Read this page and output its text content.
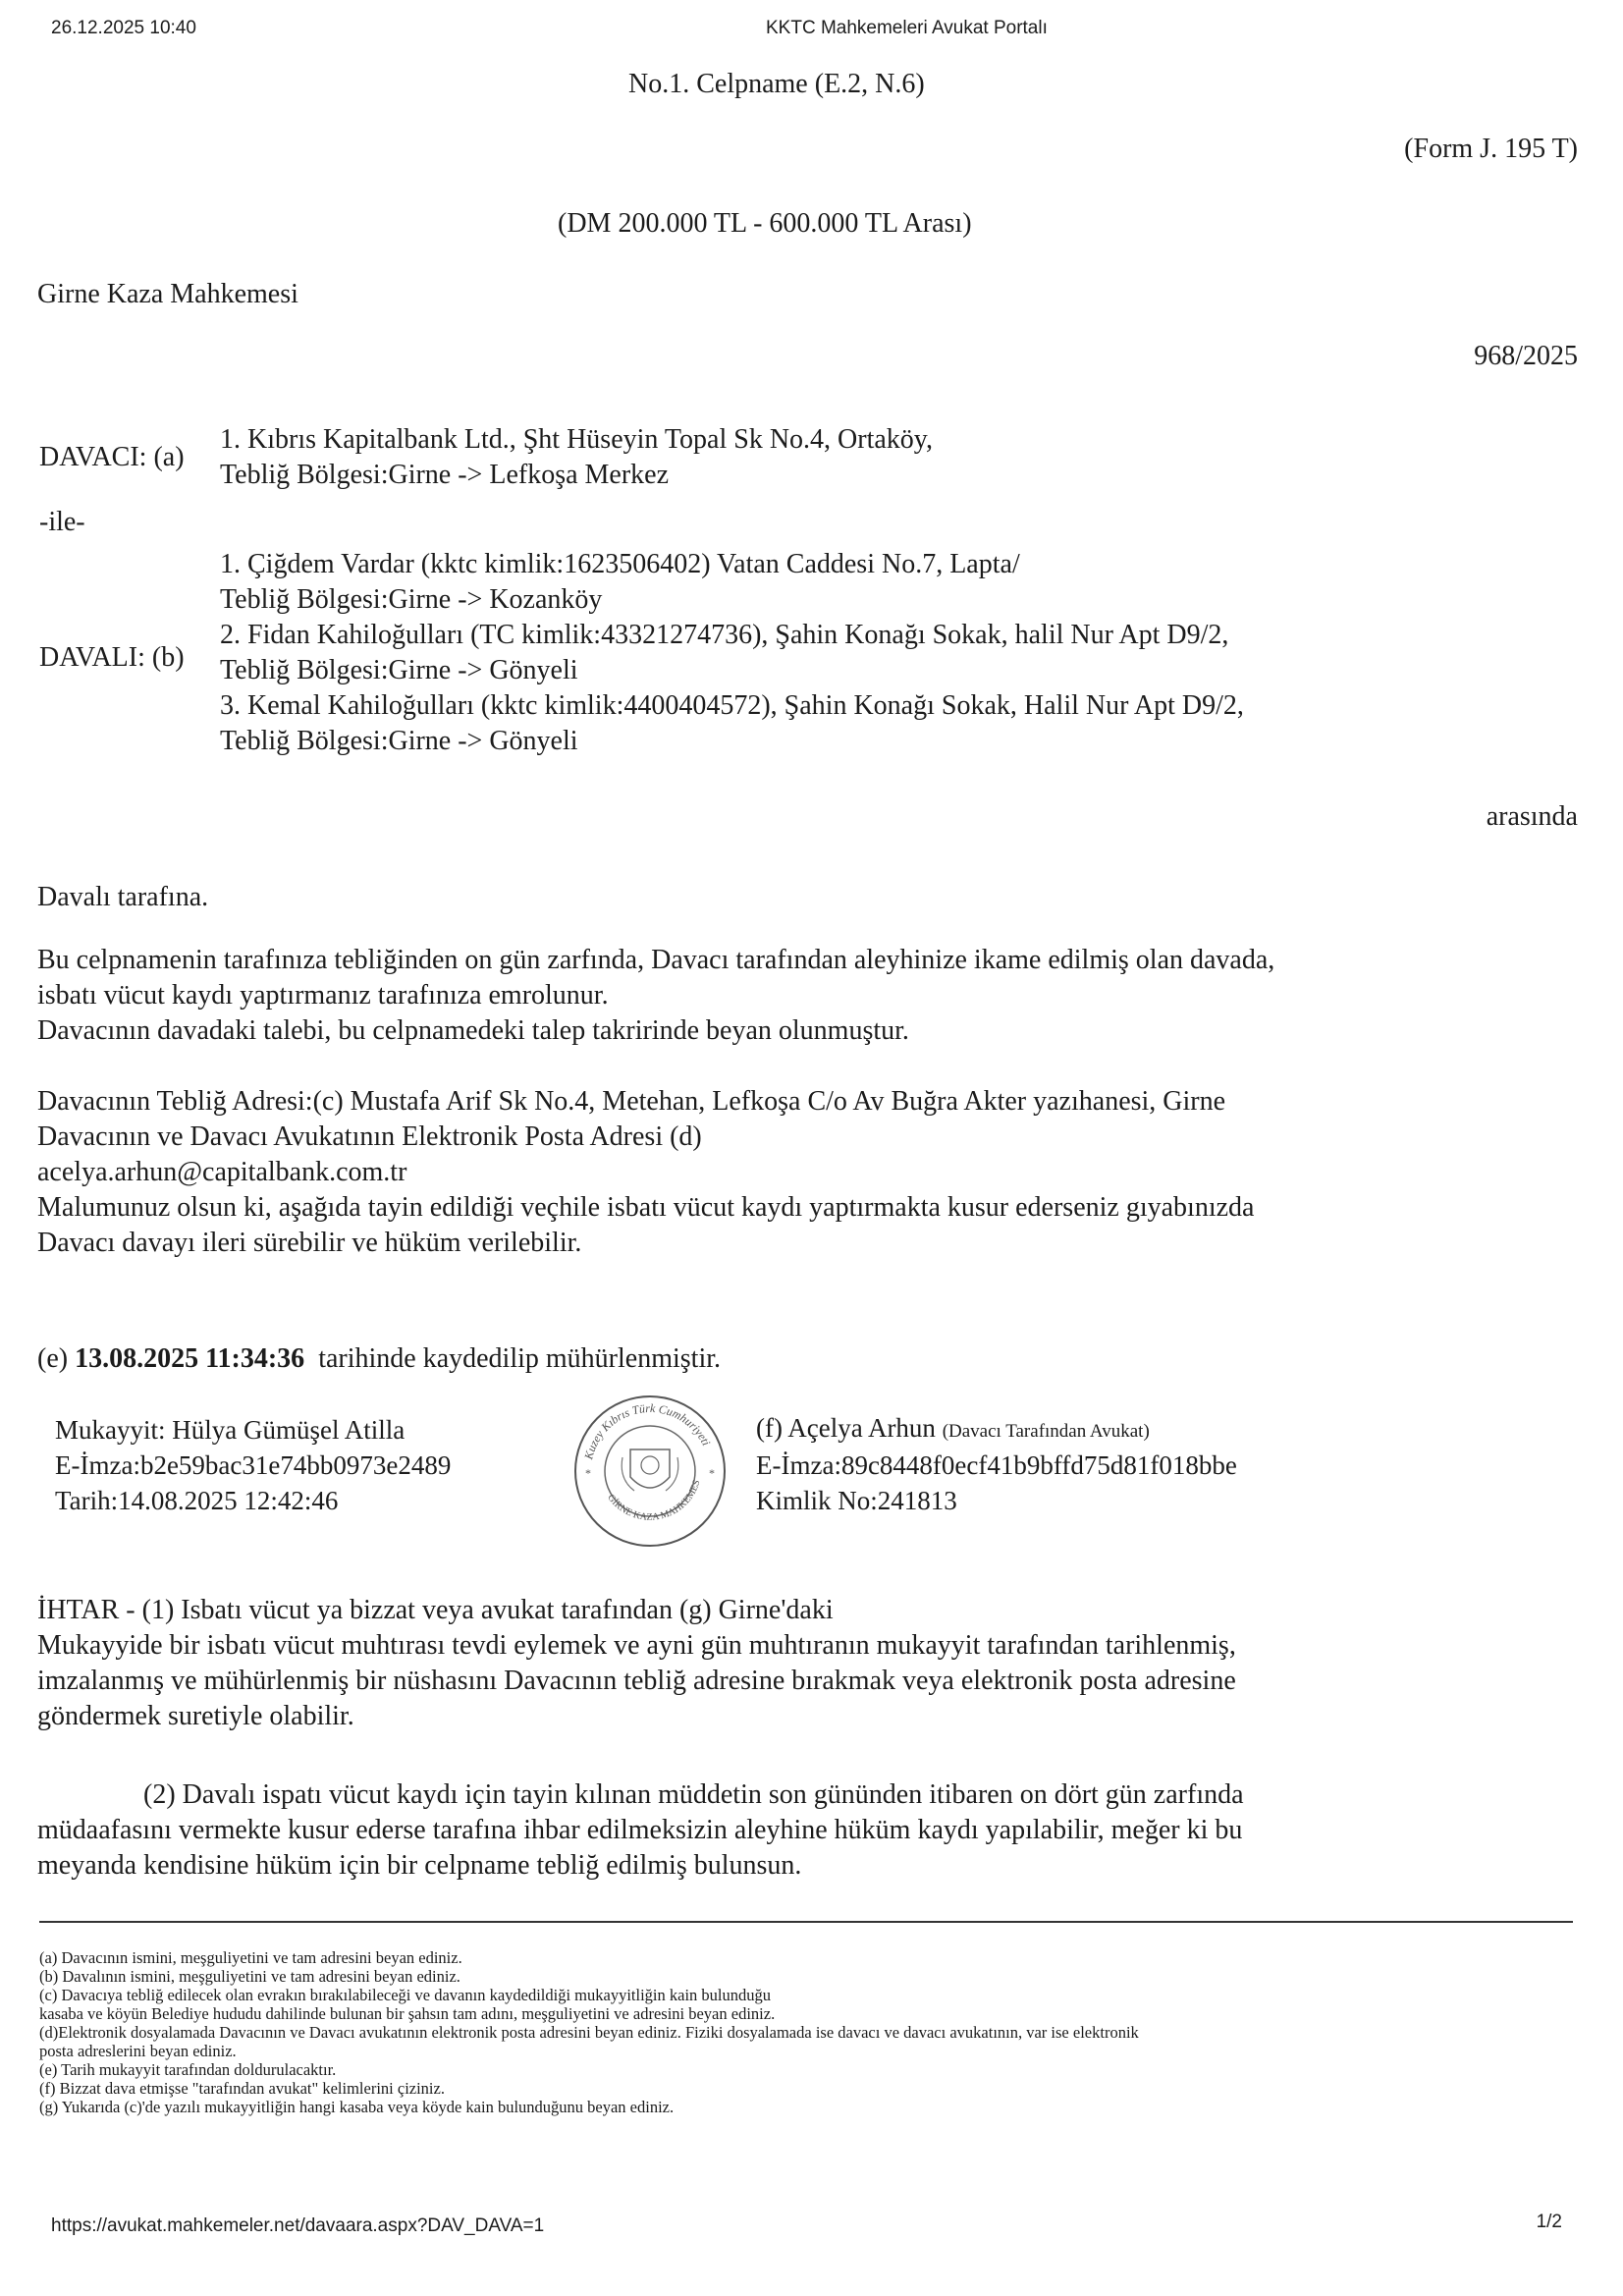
26.12.2025 10:40	KKTC Mahkemeleri Avukat Portalı
No.1. Celpname (E.2, N.6)
(Form J. 195 T)
(DM 200.000 TL - 600.000 TL Arası)
Girne Kaza Mahkemesi
968/2025
DAVACI: (a)
1. Kıbrıs Kapitalbank Ltd., Şht Hüseyin Topal Sk No.4, Ortaköy,
Tebliğ Bölgesi:Girne -> Lefkoşa Merkez
-ile-
DAVALI: (b)
1. Çiğdem Vardar (kktc kimlik:1623506402) Vatan Caddesi No.7, Lapta/
Tebliğ Bölgesi:Girne -> Kozanköy
2. Fidan Kahiloğulları (TC kimlik:43321274736), Şahin Konağı Sokak, halil Nur Apt D9/2,
Tebliğ Bölgesi:Girne -> Gönyeli
3. Kemal Kahiloğulları (kktc kimlik:4400404572), Şahin Konağı Sokak, Halil Nur Apt D9/2,
Tebliğ Bölgesi:Girne -> Gönyeli
arasında
Davalı tarafına.
Bu celpnamenin tarafınıza tebliğinden on gün zarfında, Davacı tarafından aleyhinize ikame edilmiş olan davada,
isbatı vücut kaydı yaptırmanız tarafınıza emrolunur.
Davacının davadaki talebi, bu celpnamedeki talep takririnde beyan olunmuştur.
Davacının Tebliğ Adresi:(c) Mustafa Arif Sk No.4, Metehan, Lefkoşa C/o Av Buğra Akter yazıhanesi, Girne
Davacının ve Davacı Avukatının Elektronik Posta Adresi (d)
acelya.arhun@capitalbank.com.tr
Malumunuz olsun ki, aşağıda tayin edildiği veçhile isbatı vücut kaydı yaptırmakta kusur ederseniz gıyabınızda
Davacı davayı ileri sürebilir ve hüküm verilebilir.
(e) 13.08.2025 11:34:36 tarihinde kaydedilip mühürlenmiştir.
Mukayyit: Hülya Gümüşel Atilla
E-İmza:b2e59bac31e74bb0973e2489
Tarih:14.08.2025 12:42:46
Kuzey Kıbrıs Türk Cumhuriyeti
GİRNE KAZA MAHKEMES
*	*
(f) Açelya Arhun (Davacı Tarafından Avukat)
E-İmza:89c8448f0ecf41b9bffd75d81f018bbe
Kimlik No:241813
İHTAR - (1) Isbatı vücut ya bizzat veya avukat tarafından (g) Girne'daki
Mukayyide bir isbatı vücut muhtırası tevdi eylemek ve ayni gün muhtıranın mukayyit tarafından tarihlenmiş,
imzalanmış ve mühürlenmiş bir nüshasını Davacının tebliğ adresine bırakmak veya elektronik posta adresine
göndermek suretiyle olabilir.
(2) Davalı ispatı vücut kaydı için tayin kılınan müddetin son gününden itibaren on dört gün zarfında
müdaafasını vermekte kusur ederse tarafına ihbar edilmeksizin aleyhine hüküm kaydı yapılabilir, meğer ki bu
meyanda kendisine hüküm için bir celpname tebliğ edilmiş bulunsun.
(a) Davacının ismini, meşguliyetini ve tam adresini beyan ediniz.
(b) Davalının ismini, meşguliyetini ve tam adresini beyan ediniz.
(c) Davacıya tebliğ edilecek olan evrakın bırakılabileceği ve davanın kaydedildiği mukayyitliğin kain bulunduğu
kasaba ve köyün Belediye hududu dahilinde bulunan bir şahsın tam adını, meşguliyetini ve adresini beyan ediniz.
(d)Elektronik dosyalamada Davacının ve Davacı avukatının elektronik posta adresini beyan ediniz. Fiziki dosyalamada ise davacı ve davacı avukatının, var ise elektronik
posta adreslerini beyan ediniz.
(e) Tarih mukayyit tarafından doldurulacaktır.
(f) Bizzat dava etmişse "tarafından avukat" kelimlerini çiziniz.
(g) Yukarıda (c)'de yazılı mukayyitliğin hangi kasaba veya köyde kain bulunduğunu beyan ediniz.
https://avukat.mahkemeler.net/davaara.aspx?DAV_DAVA=1	1/2
